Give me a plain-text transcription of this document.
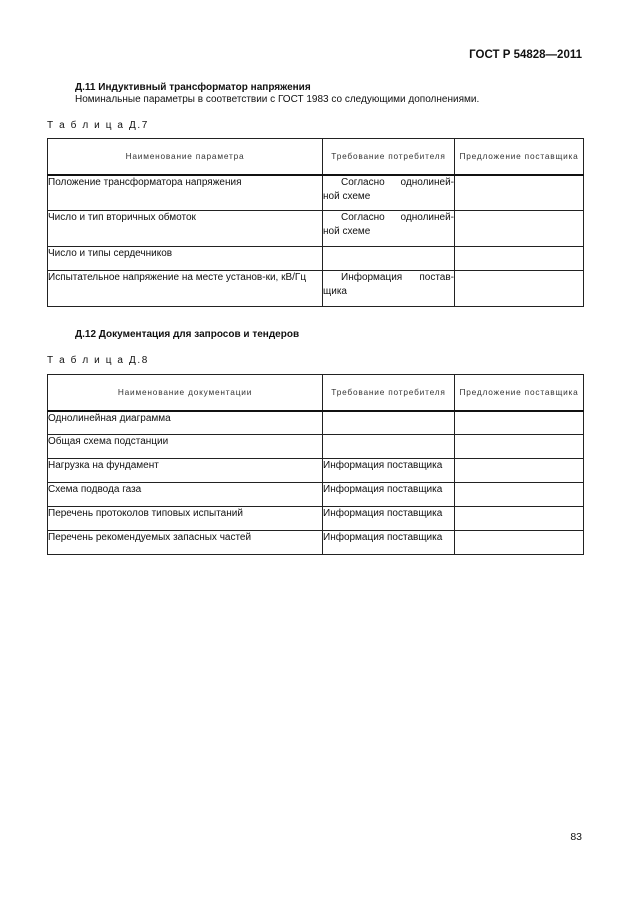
ГОСТ Р 54828—2011
Д.11 Индуктивный трансформатор напряжения
Номинальные параметры в соответствии с ГОСТ 1983 со следующими дополнениями.
Т а б л и ц а Д.7
Наименование параметра	Требование потребителя	Предложение поставщика
Положение трансформатора напряжения	Согласно однолиней-ной схеме	
Число и тип вторичных обмоток	Согласно однолиней-ной схеме	
Число и типы сердечников		
Испытательное напряжение на месте установ-ки, кВ/Гц	Информация постав-щика	
Д.12 Документация для запросов и тендеров
Т а б л и ц а Д.8
Наименование документации	Требование потребителя	Предложение поставщика
Однолинейная диаграмма		
Общая схема подстанции		
Нагрузка на фундамент	Информация поставщика	
Схема подвода газа	Информация поставщика	
Перечень протоколов типовых испытаний	Информация поставщика	
Перечень рекомендуемых запасных частей	Информация поставщика	
83
